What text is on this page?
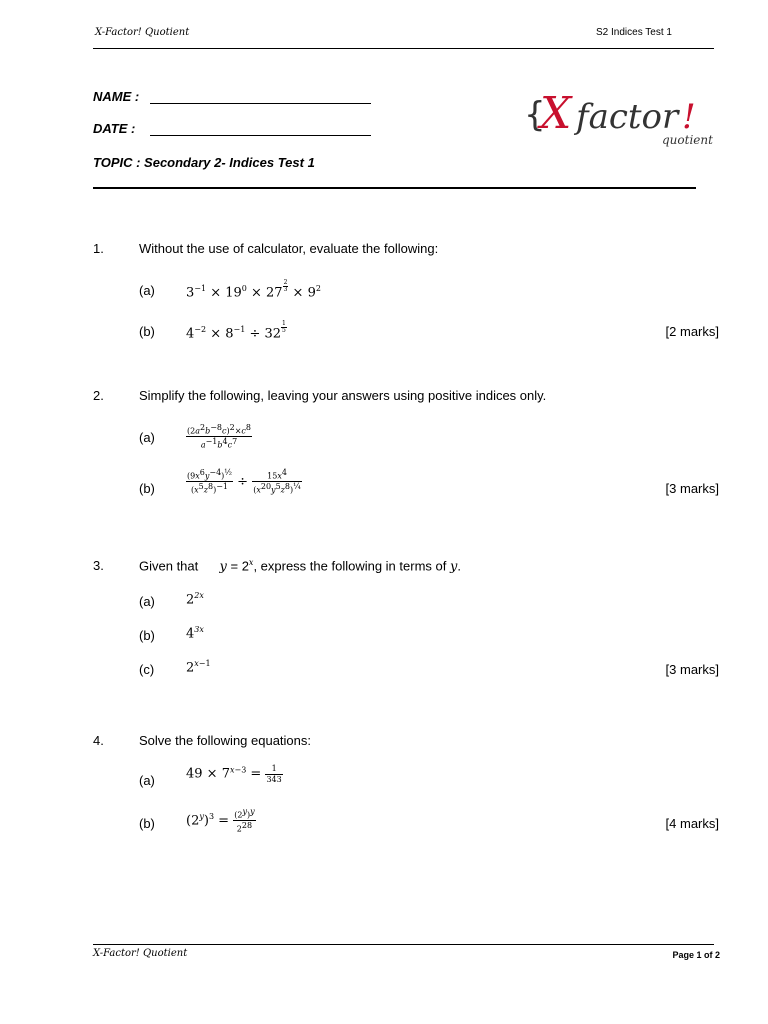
X-Factor! Quotient	S2 Indices Test 1
NAME :
DATE :
TOPIC : Secondary 2- Indices Test 1
{
X factor !
quotient
1.	Without the use of calculator, evaluate the following:
(a) $3^{-1} \times 19^0 \times 27 \frac{2}{3} \times 9^2$
(b) $4^{-2} \times 8^{-1} \div 32 \frac{1}{5}$	[2 marks]
2.	Simplify the following, leaving your answers using positive indices only.
(a)	$\frac{(2a^2b^{-8}c)^2\times c^8}{a^{-1}b^4c^7}$
(b)	$\frac{(9x^6y^{-4})^{\frac{1}{2}}}{(x^5z^8)^{-1}} \div \frac{15x^4}{(x^{20}y^5z^8)^{\frac{1}{4}}}$	[3 marks]
3.	Given that $y = 2^x$, express the following in terms of y.
(a) $2^{2x}$
(b) $4^{3x}$
(c) $2^{x-1}$	[3 marks]
4.	Solve the following equations:
(a) $49 \times 7^{x-3} = \frac{1}{343}$
(b) $(2^y)^3 = \frac{(2^y)^y}{2^{28}}$	[4 marks]
X-Factor! Quotient	Page 1 of 2
